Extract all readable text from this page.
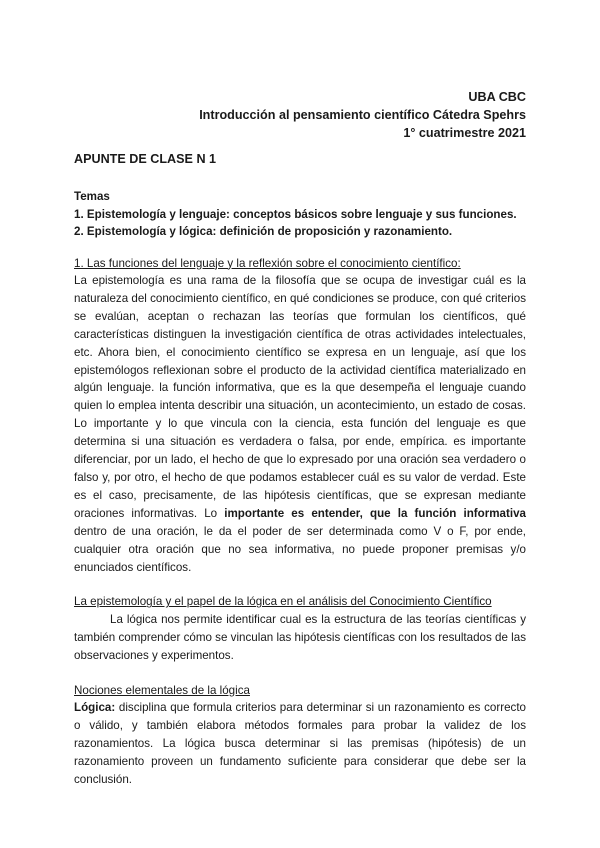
UBA CBC
Introducción al pensamiento científico Cátedra Spehrs
1° cuatrimestre 2021
APUNTE DE CLASE N 1
Temas
1. Epistemología y lenguaje: conceptos básicos sobre lenguaje y sus funciones.
2. Epistemología y lógica: definición de proposición y razonamiento.
1. Las funciones del lenguaje y la reflexión sobre el conocimiento científico:

La epistemología es una rama de la filosofía que se ocupa de investigar cuál es la naturaleza del conocimiento científico, en qué condiciones se produce, con qué criterios se evalúan, aceptan o rechazan las teorías que formulan los científicos, qué características distinguen la investigación científica de otras actividades intelectuales, etc. Ahora bien, el conocimiento científico se expresa en un lenguaje, así que los epistemólogos reflexionan sobre el producto de la actividad científica materializado en algún lenguaje. la función informativa, que es la que desempeña el lenguaje cuando quien lo emplea intenta describir una situación, un acontecimiento, un estado de cosas. Lo importante y lo que vincula con la ciencia, esta función del lenguaje es que determina si una situación es verdadera o falsa, por ende, empírica. es importante diferenciar, por un lado, el hecho de que lo expresado por una oración sea verdadero o falso y, por otro, el hecho de que podamos establecer cuál es su valor de verdad. Este es el caso, precisamente, de las hipótesis científicas, que se expresan mediante oraciones informativas. Lo importante es entender, que la función informativa dentro de una oración, le da el poder de ser determinada como V o F, por ende, cualquier otra oración que no sea informativa, no puede proponer premisas y/o enunciados científicos.

La epistemología y el papel de la lógica en el análisis del Conocimiento Científico

La lógica nos permite identificar cual es la estructura de las teorías científicas y también comprender cómo se vinculan las hipótesis científicas con los resultados de las observaciones y experimentos.

Nociones elementales de la lógica

Lógica: disciplina que formula criterios para determinar si un razonamiento es correcto o válido, y también elabora métodos formales para probar la validez de los razonamientos. La lógica busca determinar si las premisas (hipótesis) de un razonamiento proveen un fundamento suficiente para considerar que debe ser la conclusión.
